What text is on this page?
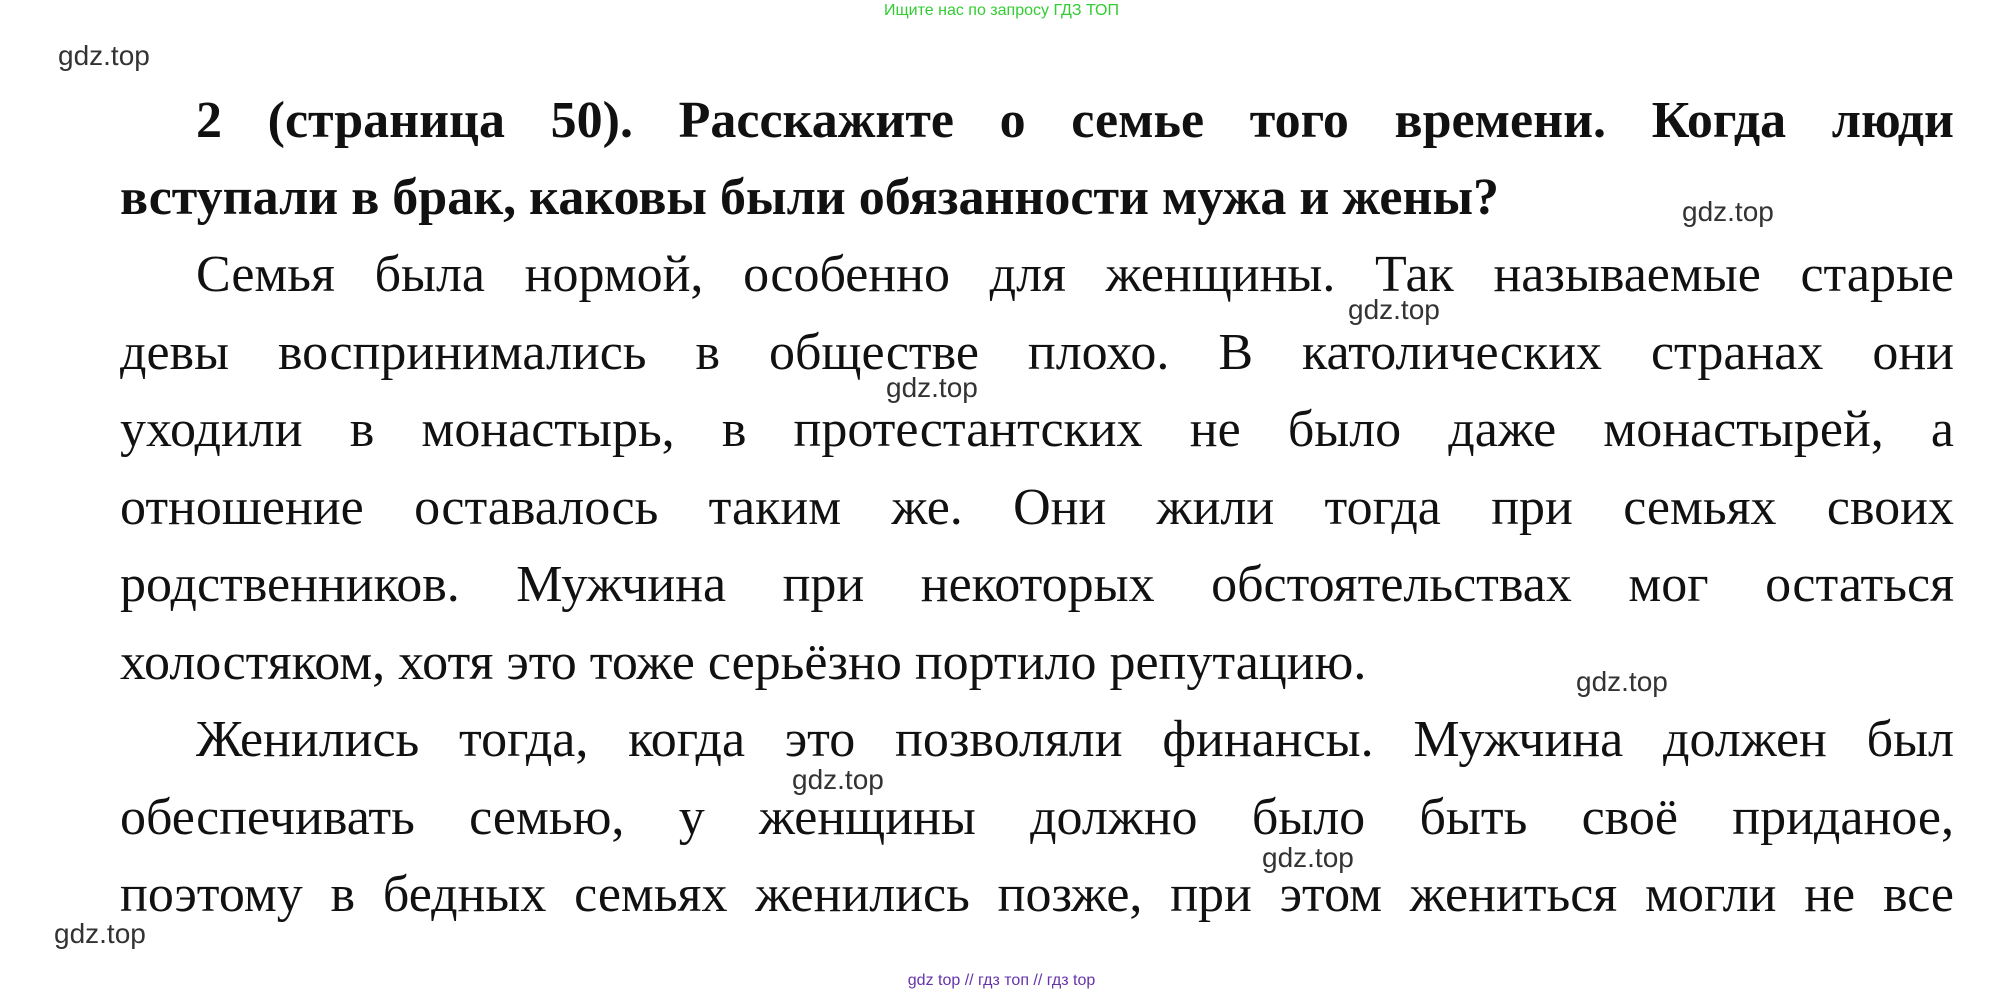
Ищите нас по запросу ГДЗ ТОП
gdz.top
gdz.top
gdz.top
gdz.top
gdz.top
gdz.top
gdz.top
gdz.top
2 (страница 50). Расскажите о семье того времени. Когда люди
вступали в брак, каковы были обязанности мужа и жены?

Семья была нормой, особенно для женщины. Так называемые старые
девы воспринимались в обществе плохо. В католических странах они
уходили в монастырь, в протестантских не было даже монастырей, а
отношение оставалось таким же. Они жили тогда при семьях своих
родственников. Мужчина при некоторых обстоятельствах мог остаться
холостяком, хотя это тоже серьёзно портило репутацию.

Женились тогда, когда это позволяли финансы. Мужчина должен был
обеспечивать семью, у женщины должно было быть своё приданое,
поэтому в бедных семьях женились позже, при этом жениться могли не все

gdz top // гдз топ // гдз top
